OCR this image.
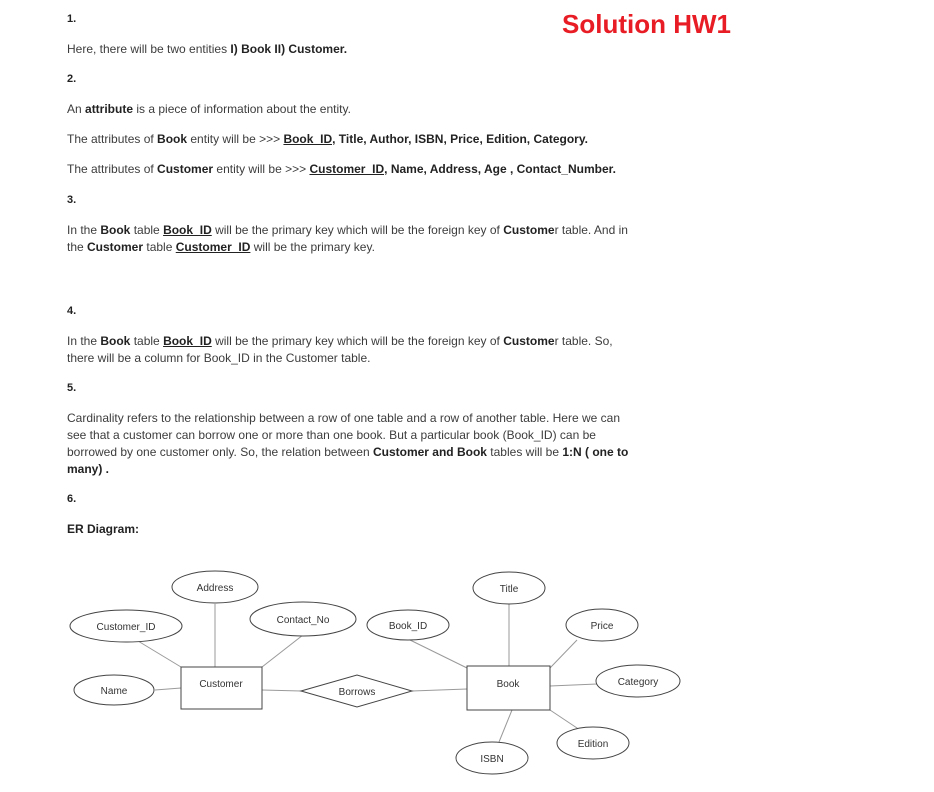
Solution HW1

1.

Here, there will be two entities I) Book II) Customer.

2.

An attribute is a piece of information about the entity.

The attributes of Book entity will be >>> Book_ID, Title, Author, ISBN, Price, Edition, Category.

The attributes of Customer entity will be >>> Customer_ID, Name, Address, Age , Contact_Number.

3.

In the Book table Book_ID will be the primary key which will be the foreign key of Customer table. And in

the Customer table Customer_ID will be the primary key.

4.

In the Book table Book_ID will be the primary key which will be the foreign key of Customer table. So,

there will be a column for Book_ID in the Customer table.

5.

Cardinality refers to the relationship between a row of one table and a row of another table. Here we can

see that a customer can borrow one or more than one book. But a particular book (Book_ID) can be

borrowed by one customer only. So, the relation between Customer and Book tables will be 1:N ( one to

many) .

6.

ER Diagram:

Customer	Book
Borrows
Address
Customer_ID
Contact_No
Name
Title
Book_ID	Price
Category
Edition
ISBN
